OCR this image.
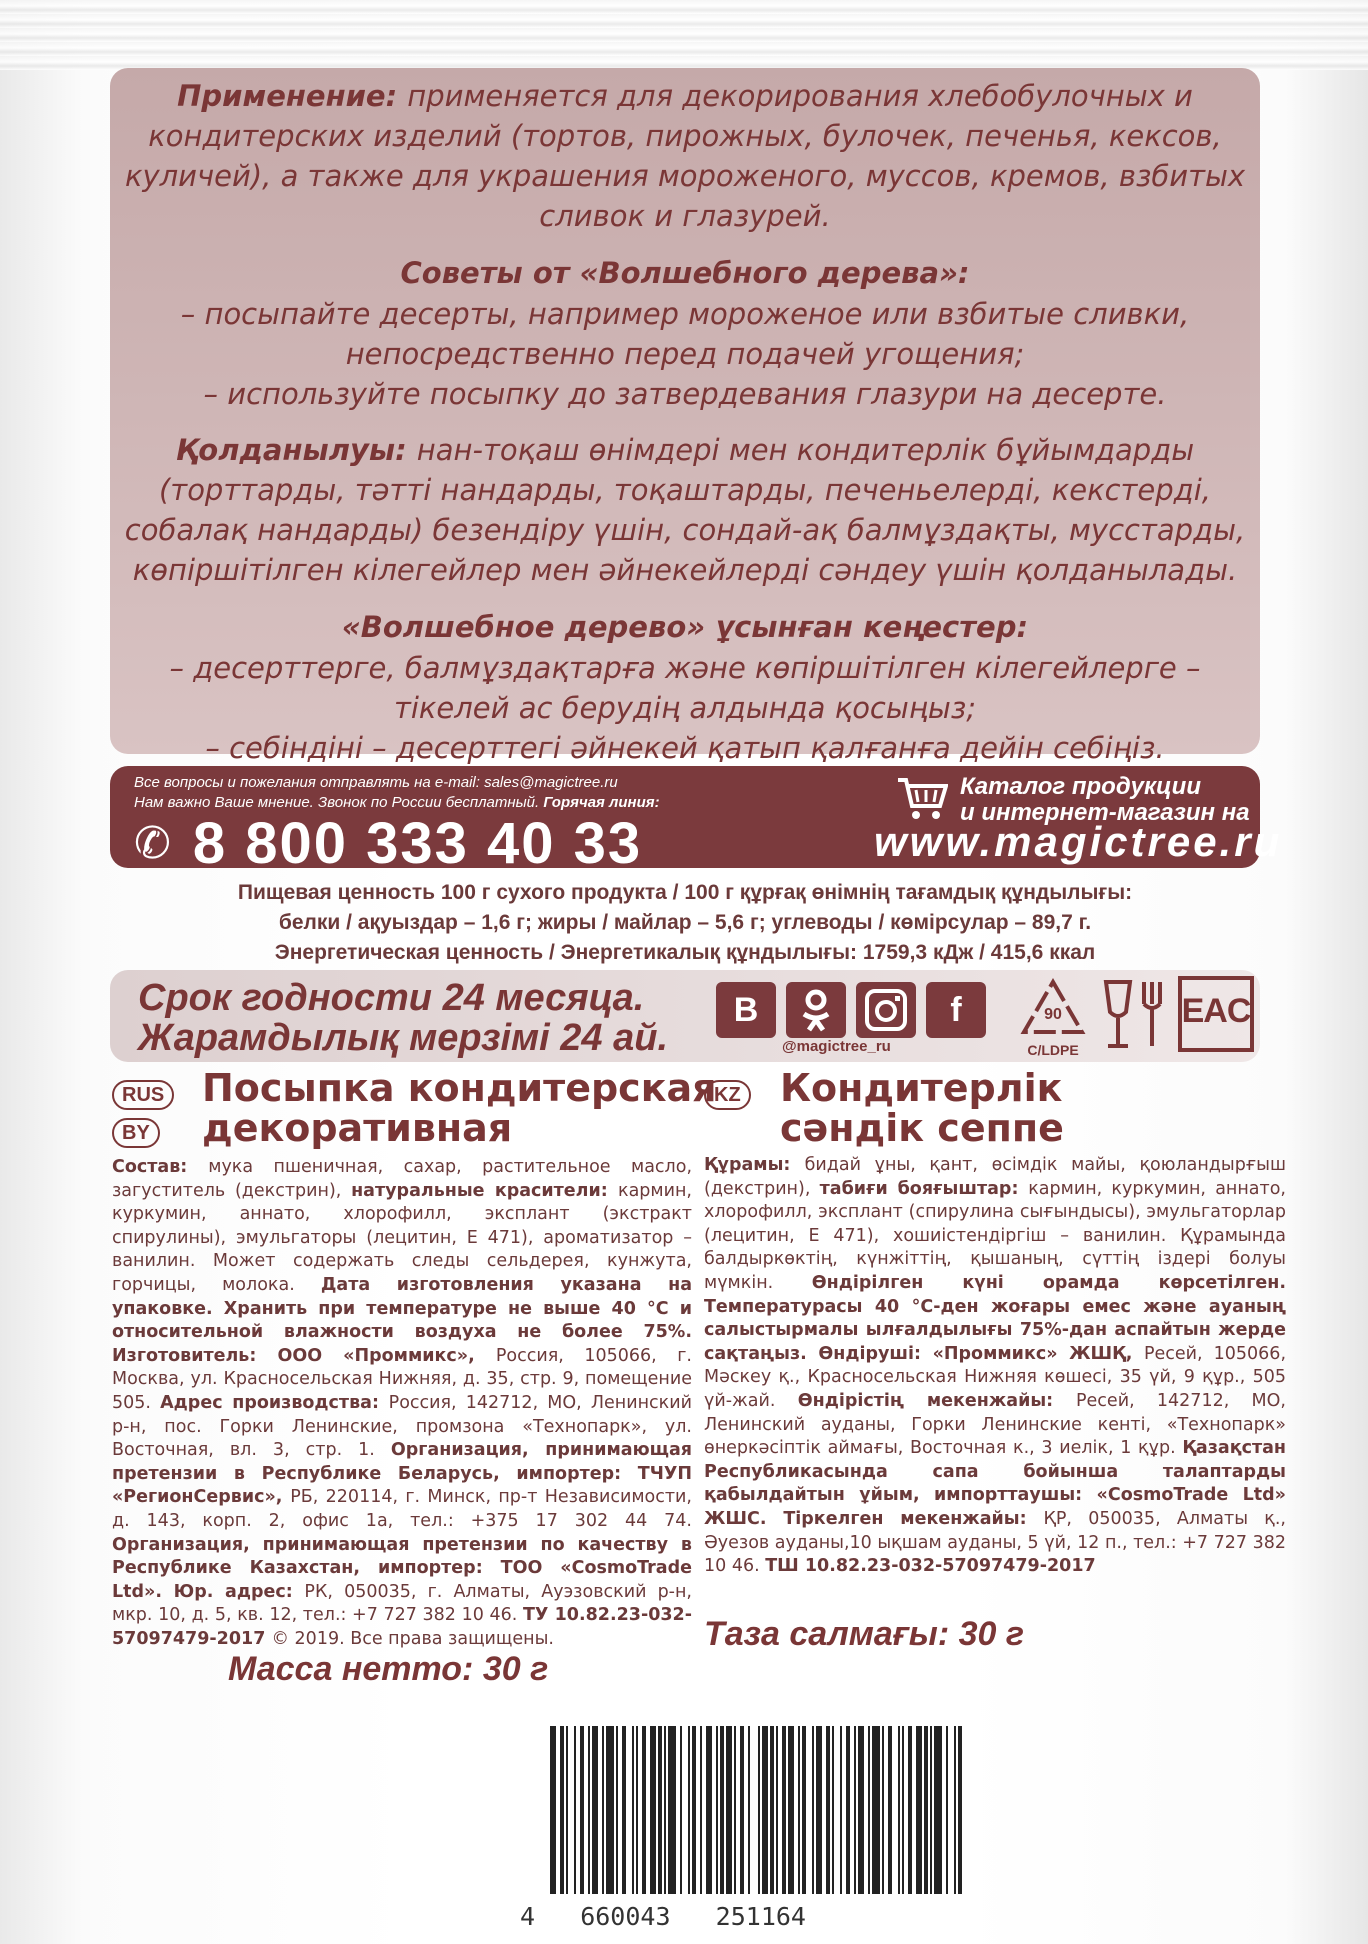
Применение: применяется для декорирования хлебобулочных и кондитерских изделий (тортов, пирожных, булочек, печенья, кексов, куличей), а также для украшения мороженого, муссов, кремов, взбитых сливок и глазурей.

Советы от «Волшебного дерева»:

– посыпайте десерты, например мороженое или взбитые сливки, непосредственно перед подачей угощения;

– используйте посыпку до затвердевания глазури на десерте.

Қолданылуы: нан-тоқаш өнімдері мен кондитерлік бұйымдарды (торттарды, тәтті нандарды, тоқаштарды, печеньелерді, кекстерді, собалақ нандарды) безендіру үшін, сондай-ақ балмұздақты, мусстарды, көпіршітілген кілегейлер мен әйнекейлерді сәндеу үшін қолданылады.

«Волшебное дерево» ұсынған кеңестер:

– десерттерге, балмұздақтарға және көпіршітілген кілегейлерге – тікелей ас берудің алдында қосыңыз;

– себіндіні – десерттегі әйнекей қатып қалғанға дейін себіңіз.

Все вопросы и пожелания отправлять на e-mail: sales@magictree.ru
Нам важно Ваше мнение. Звонок по России бесплатный. Горячая линия:
✆ 8 800 333 40 33
Каталог продукции
и интернет-магазин на
www.magictree.ru
Пищевая ценность 100 г сухого продукта / 100 г құрғақ өнімнің тағамдық құндылығы:
белки / ақуыздар – 1,6 г; жиры / майлар – 5,6 г; углеводы / көмірсулар – 89,7 г.
Энергетическая ценность / Энергетикалық құндылығы: 1759,3 кДж / 415,6 ккал
Срок годности 24 месяца.
Жарамдылық мерзімі 24 ай.
В	f
@magictree_ru
90
C/LDPE
EAC
RUS
BY
Посыпка кондитерская
декоративная
Состав: мука пшеничная, сахар, растительное масло, загуститель (декстрин), натуральные красители: кармин, куркумин, аннато, хлорофилл, эксплант (экстракт спирулины), эмульгаторы (лецитин, Е 471), ароматизатор – ванилин. Может содержать следы сельдерея, кунжута, горчицы, молока. Дата изготовления указана на упаковке. Хранить при температуре не выше 40 °С и относительной влажности воздуха не более 75%. Изготовитель: ООО «Проммикс», Россия, 105066, г. Москва, ул. Красносельская Нижняя, д. 35, стр. 9, помещение 505. Адрес производства: Россия, 142712, МО, Ленинский р-н, пос. Горки Ленинские, промзона «Технопарк», ул. Восточная, вл. 3, стр. 1. Организация, принимающая претензии в Республике Беларусь, импортер: ТЧУП «РегионСервис», РБ, 220114, г. Минск, пр-т Независимости, д. 143, корп. 2, офис 1а, тел.: +375 17 302 44 74. Организация, принимающая претензии по качеству в Республике Казахстан, импортер: ТОО «CosmoTrade Ltd». Юр. адрес: РК, 050035, г. Алматы, Ауэзовский р-н, мкр. 10, д. 5, кв. 12, тел.: +7 727 382 10 46. ТУ 10.82.23-032-57097479-2017 © 2019. Все права защищены.
Масса нетто: 30 г
KZ Кондитерлік
сәндік сеппе
Құрамы: бидай ұны, қант, өсімдік майы, қоюландырғыш (декстрин), табиғи бояғыштар: кармин, куркумин, аннато, хлорофилл, эксплант (спирулина сығындысы), эмульгаторлар (лецитин, Е 471), хошиістендіргіш – ванилин. Құрамында балдыркөктің, күнжіттің, қышаның, сүттің іздері болуы мүмкін. Өндірілген күні орамда көрсетілген. Температурасы 40 °С-ден жоғары емес және ауаның салыстырмалы ылғалдылығы 75%-дан аспайтын жерде сақтаңыз. Өндіруші: «Проммикс» ЖШҚ, Ресей, 105066, Мәскеу қ., Красносельская Нижняя көшесі, 35 үй, 9 құр., 505 үй-жай. Өндірістің мекенжайы: Ресей, 142712, МО, Ленинский ауданы, Горки Ленинские кенті, «Технопарк» өнеркәсіптік аймағы, Восточная к., 3 иелік, 1 құр. Қазақстан Республикасында сапа бойынша талаптарды қабылдайтын ұйым, импорттаушы: «CosmoTrade Ltd» ЖШС. Тіркелген мекенжайы: ҚР, 050035, Алматы қ., Әуезов ауданы,10 ықшам ауданы, 5 үй, 12 п., тел.: +7 727 382 10 46. ТШ 10.82.23-032-57097479-2017
Таза салмағы: 30 г
4   660043   251164
